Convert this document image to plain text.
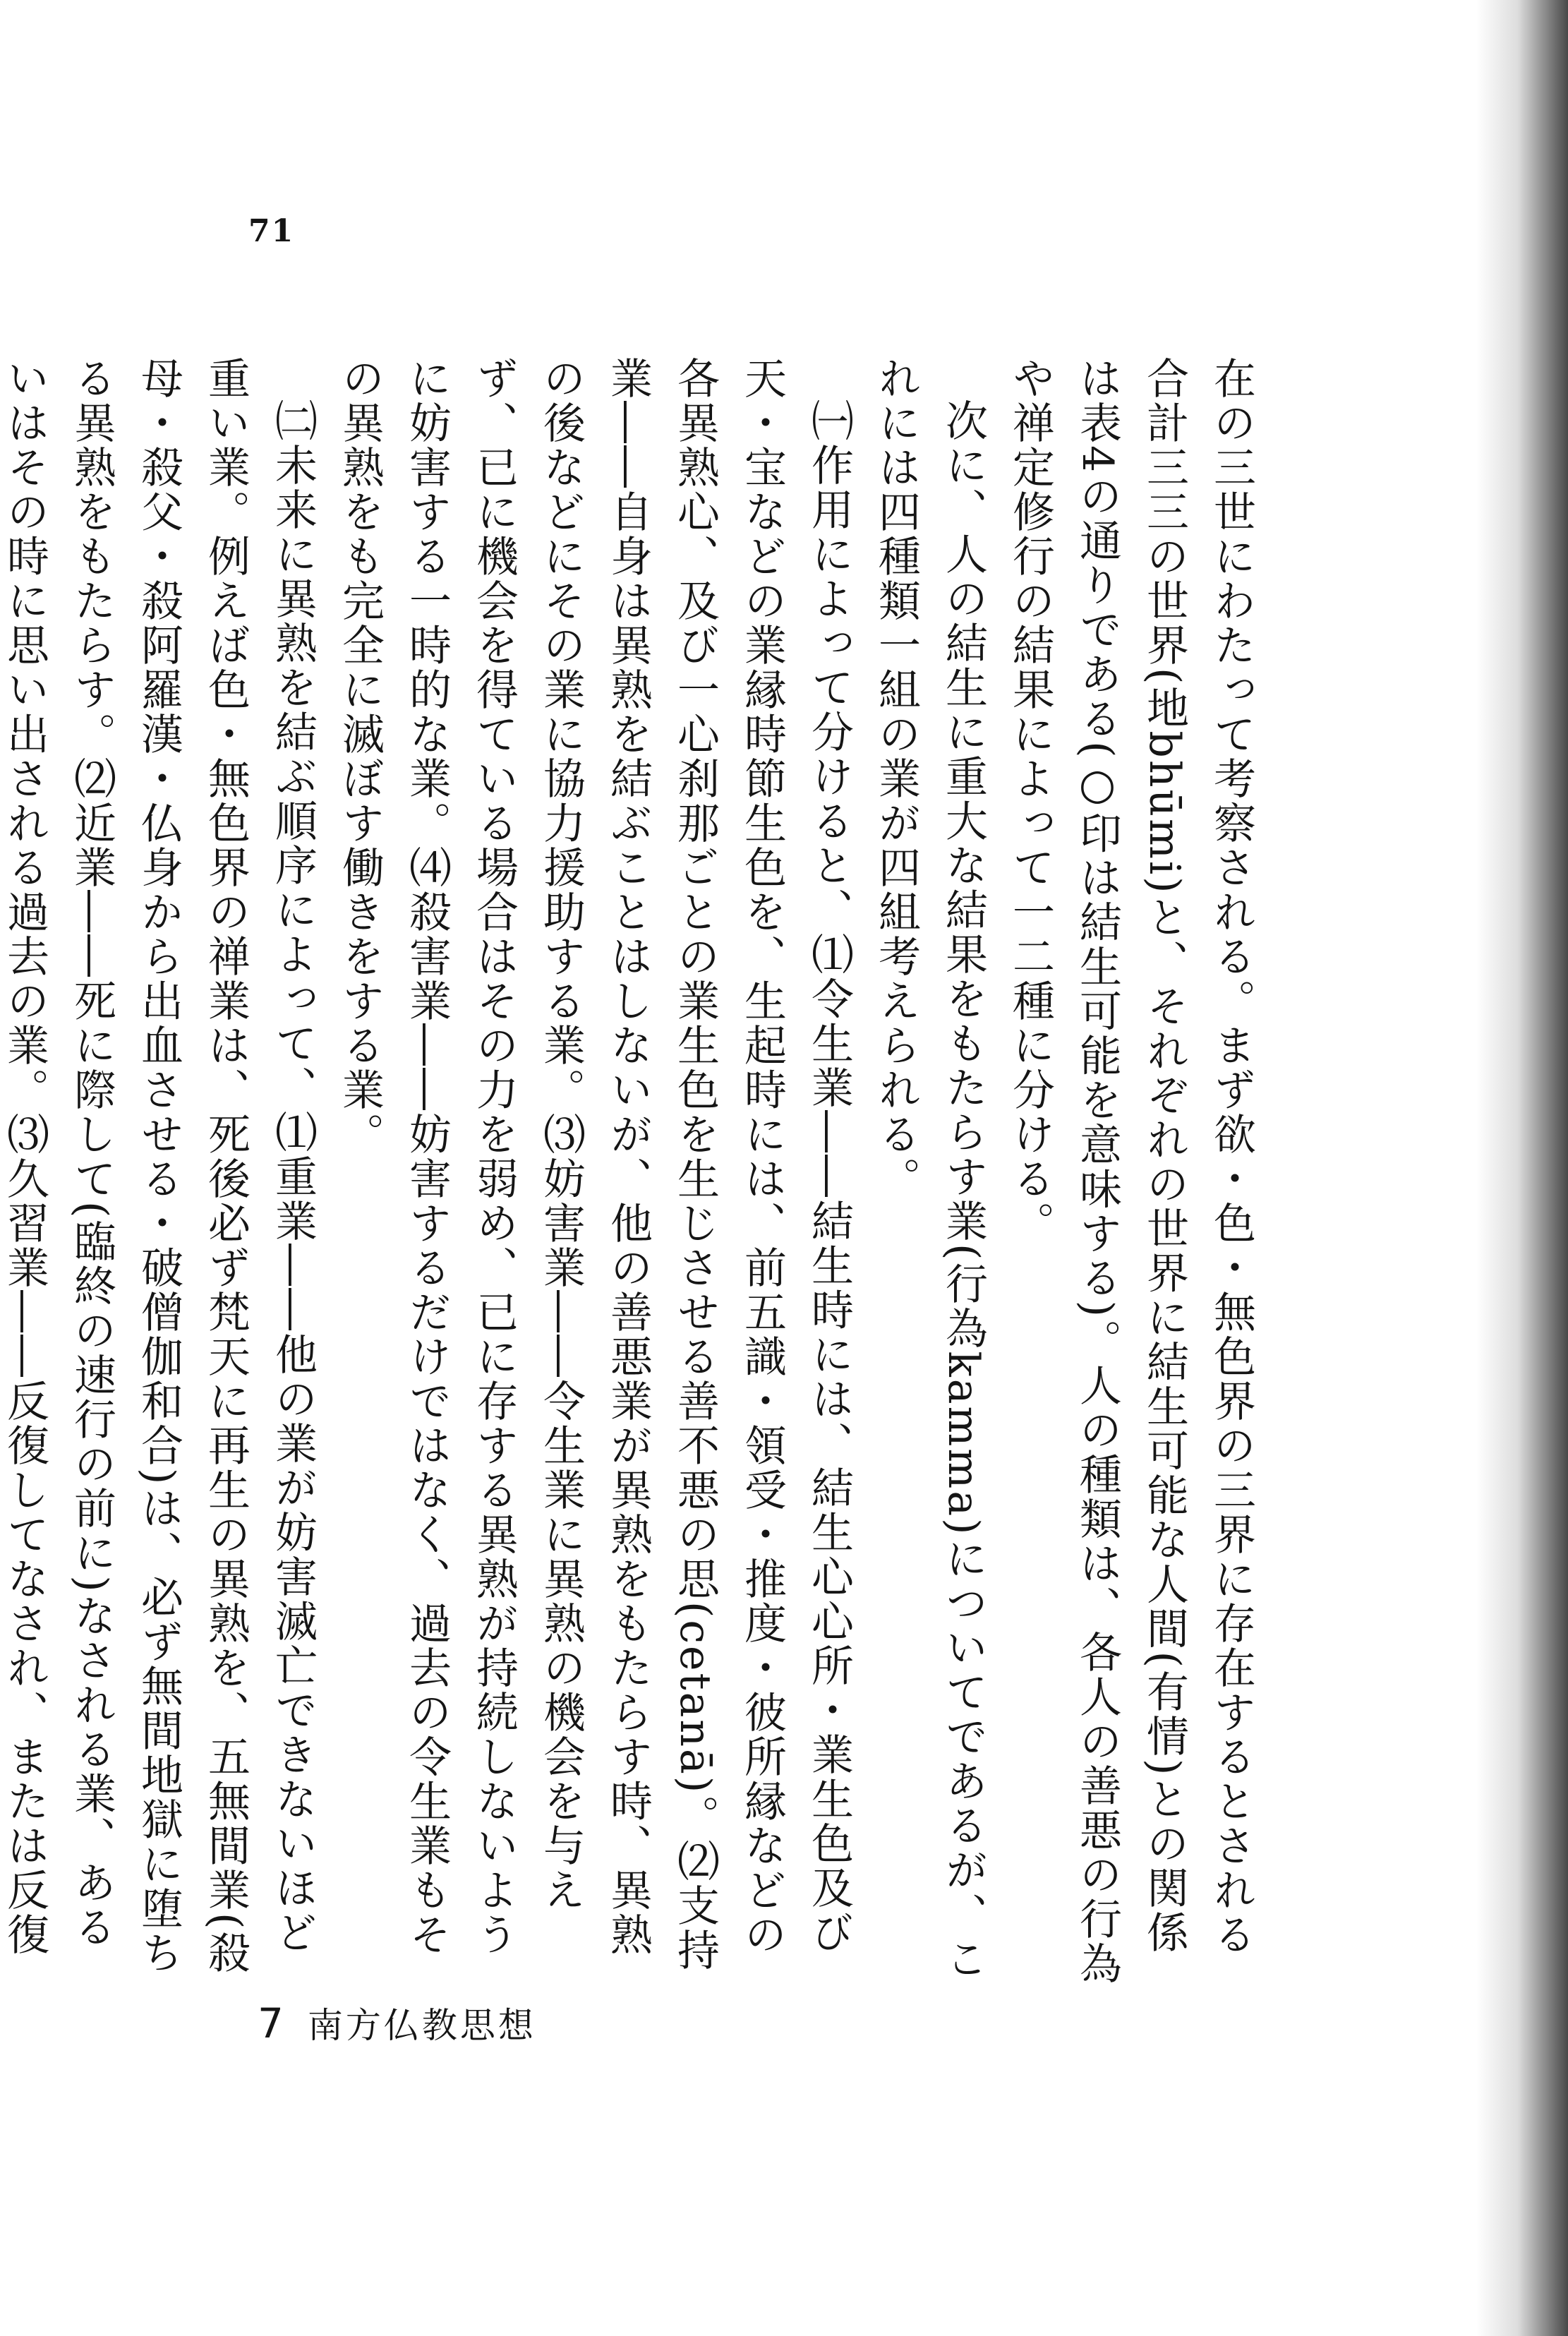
71

在の三世にわたって考察される。まず欲・色・無色界の三界に存在するとされる合計三三の世界(地bhūmi)と、それぞれの世界に結生可能な人間(有情)との関係は表4の通りである(○印は結生可能を意味する)。人の種類は、各人の善悪の行為や禅定修行の結果によって一二種に分ける。

次に、人の結生に重大な結果をもたらす業(行為kamma)についてであるが、これには四種類一組の業が四組考えられる。

㈠作用によって分けると、⑴令生業――結生時には、結生心心所・業生色及び天・宝などの業縁時節生色を、生起時には、前五識・領受・推度・彼所縁などの各異熟心、及び一心刹那ごとの業生色を生じさせる善不悪の思(cetanā)。⑵支持業――自身は異熟を結ぶことはしないが、他の善悪業が異熟をもたらす時、異熟の後などにその業に協力援助する業。⑶妨害業――令生業に異熟の機会を与えず、已に機会を得ている場合はその力を弱め、已に存する異熟が持続しないように妨害する一時的な業。⑷殺害業――妨害するだけではなく、過去の令生業もその異熟をも完全に滅ぼす働きをする業。

㈡未来に異熟を結ぶ順序によって、⑴重業――他の業が妨害滅亡できないほど重い業。例えば色・無色界の禅業は、死後必ず梵天に再生の異熟を、五無間業(殺母・殺父・殺阿羅漢・仏身から出血させる・破僧伽和合)は、必ず無間地獄に堕ちる異熟をもたらす。⑵近業――死に際して(臨終の速行の前に)なされる業、あるいはその時に思い出される過去の業。⑶久習業――反復してなされ、または反復

7 南方仏教思想
